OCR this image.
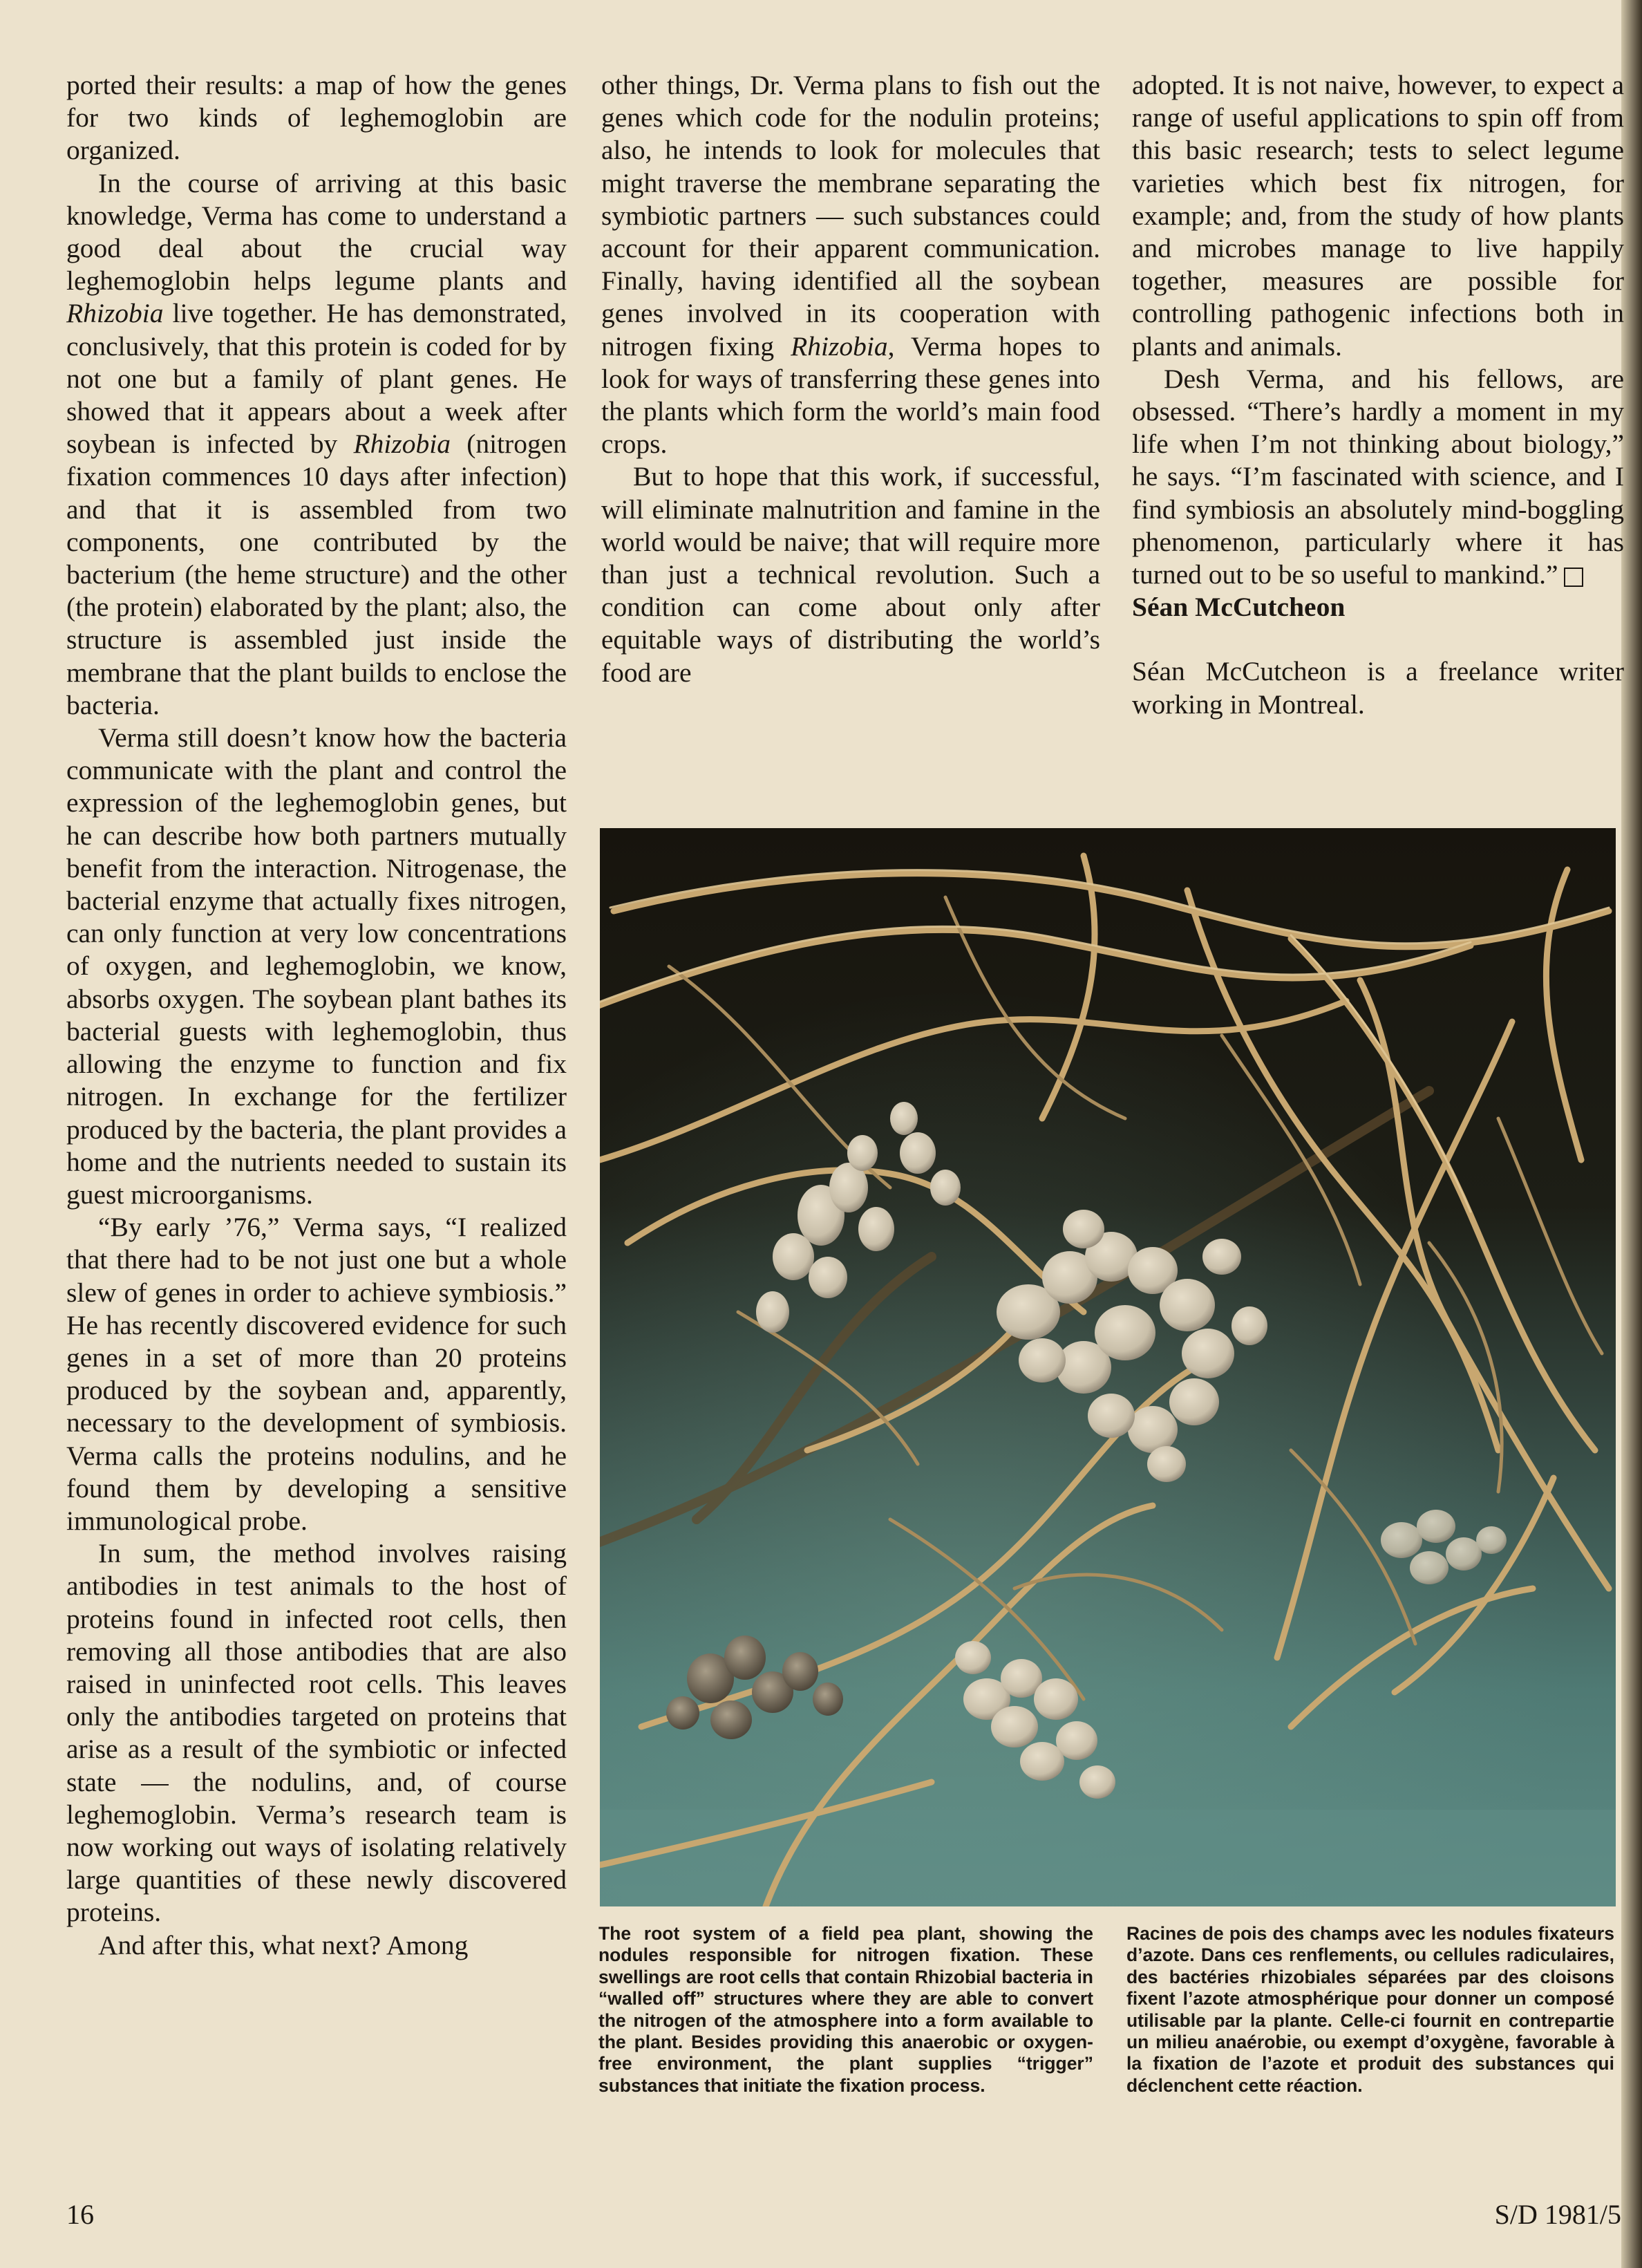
ported their results: a map of how the genes for two kinds of leghemoglobin are organized.

In the course of arriving at this basic knowledge, Verma has come to understand a good deal about the crucial way leghemoglobin helps legume plants and Rhizobia live together. He has demonstrated, conclusively, that this protein is coded for by not one but a family of plant genes. He showed that it appears about a week after soybean is infected by Rhizobia (nitrogen fixation commences 10 days after infection) and that it is assembled from two components, one contributed by the bacterium (the heme structure) and the other (the protein) elaborated by the plant; also, the structure is assembled just inside the membrane that the plant builds to enclose the bacteria.

Verma still doesn’t know how the bacteria communicate with the plant and control the expression of the leghemoglobin genes, but he can describe how both partners mutually benefit from the interaction. Nitrogenase, the bacterial enzyme that actually fixes nitrogen, can only function at very low concentrations of oxygen, and leghemoglobin, we know, absorbs oxygen. The soybean plant bathes its bacterial guests with leghemoglobin, thus allowing the enzyme to function and fix nitrogen. In exchange for the fertilizer produced by the bacteria, the plant provides a home and the nutrients needed to sustain its guest microorganisms.

“By early ’76,” Verma says, “I realized that there had to be not just one but a whole slew of genes in order to achieve symbiosis.” He has recently discovered evidence for such genes in a set of more than 20 proteins produced by the soybean and, apparently, necessary to the development of symbiosis. Verma calls the proteins nodulins, and he found them by developing a sensitive immunological probe.

In sum, the method involves raising antibodies in test animals to the host of proteins found in infected root cells, then removing all those antibodies that are also raised in uninfected root cells. This leaves only the antibodies targeted on proteins that arise as a result of the symbiotic or infected state — the nodulins, and, of course leghemoglobin. Verma’s research team is now working out ways of isolating relatively large quantities of these newly discovered proteins.

And after this, what next? Among

other things, Dr. Verma plans to fish out the genes which code for the nodulin proteins; also, he intends to look for molecules that might traverse the membrane separating the symbiotic partners — such substances could account for their apparent communication. Finally, having identified all the soybean genes involved in its cooperation with nitrogen fixing Rhizobia, Verma hopes to look for ways of transferring these genes into the plants which form the world’s main food crops.

But to hope that this work, if successful, will eliminate malnutrition and famine in the world would be naive; that will require more than just a technical revolution. Such a condition can come about only after equitable ways of distributing the world’s food are

adopted. It is not naive, however, to expect a range of useful applications to spin off from this basic research; tests to select legume varieties which best fix nitrogen, for example; and, from the study of how plants and microbes manage to live happily together, measures are possible for controlling pathogenic infections both in plants and animals.

Desh Verma, and his fellows, are obsessed. “There’s hardly a moment in my life when I’m not thinking about biology,” he says. “I’m fascinated with science, and I find symbiosis an absolutely mind-boggling phenomenon, particularly where it has turned out to be so useful to mankind.”

Séan McCutcheon

Séan McCutcheon is a freelance writer working in Montreal.

The root system of a field pea plant, showing the nodules responsible for nitrogen fixation. These swellings are root cells that contain Rhizobial bacteria in “walled off” structures where they are able to convert the nitrogen of the atmosphere into a form available to the plant. Besides providing this anaerobic or oxygen-free environment, the plant supplies “trigger” substances that initiate the fixation process.
Racines de pois des champs avec les nodules fixateurs d’azote. Dans ces renflements, ou cellules radiculaires, des bactéries rhizobiales séparées par des cloisons fixent l’azote atmosphérique pour donner un composé utilisable par la plante. Celle-ci fournit en contrepartie un milieu anaérobie, ou exempt d’oxygène, favorable à la fixation de l’azote et produit des substances qui déclenchent cette réaction.
16	S/D 1981/5
